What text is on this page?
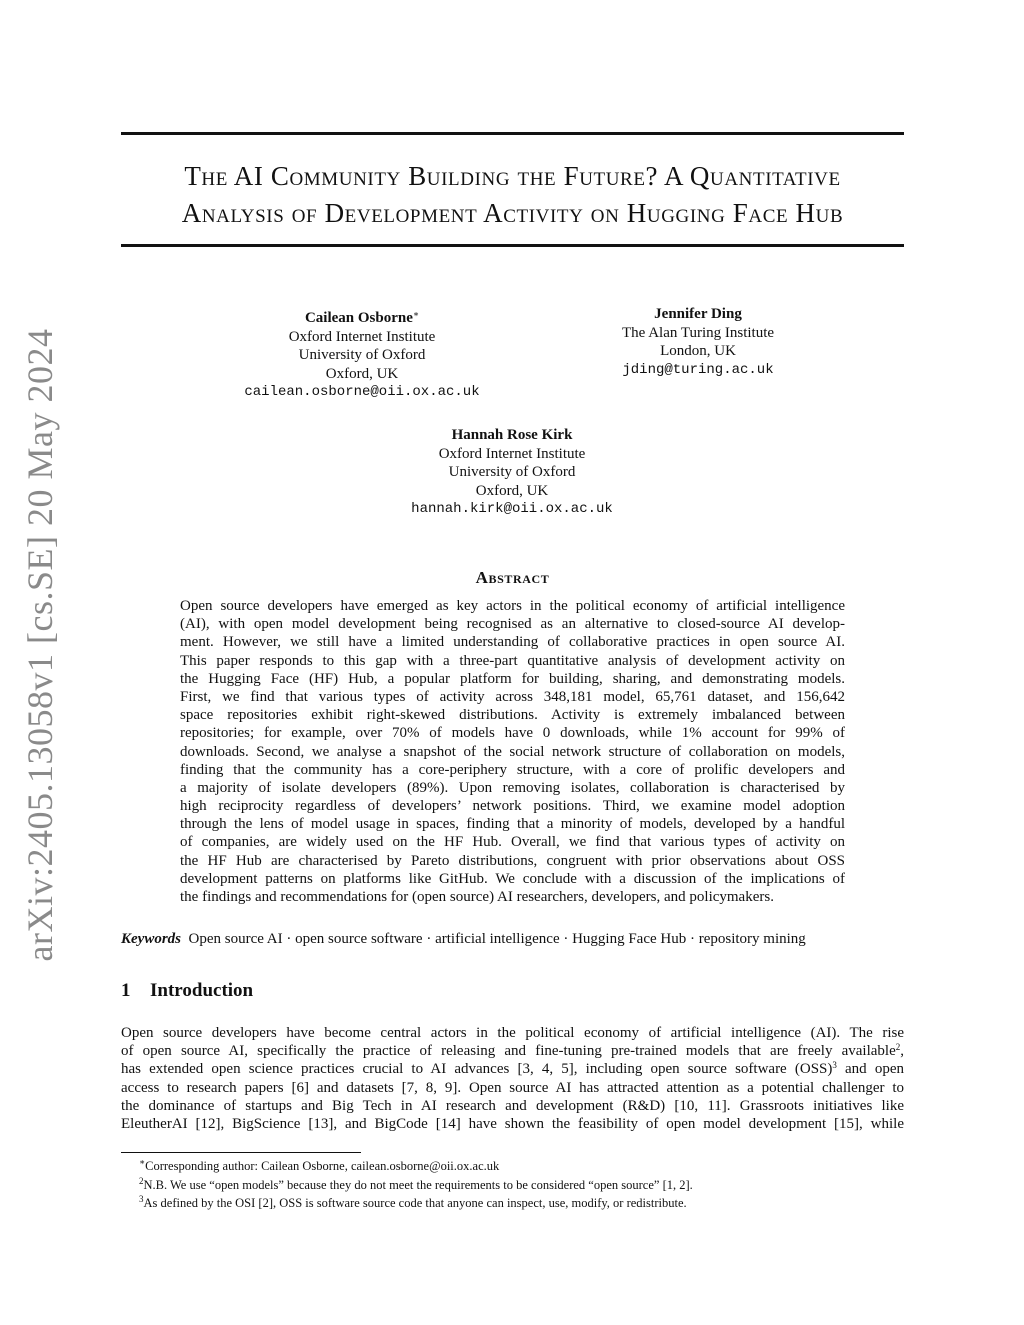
arXiv:2405.13058v1 [cs.SE] 20 May 2024
The AI Community Building the Future? A Quantitative
Analysis of Development Activity on Hugging Face Hub
Cailean Osborne∗
Oxford Internet Institute
University of Oxford
Oxford, UK
cailean.osborne@oii.ox.ac.uk
Jennifer Ding
The Alan Turing Institute
London, UK
jding@turing.ac.uk
Hannah Rose Kirk
Oxford Internet Institute
University of Oxford
Oxford, UK
hannah.kirk@oii.ox.ac.uk
Abstract
Open source developers have emerged as key actors in the political economy of artificial intelligence
(AI), with open model development being recognised as an alternative to closed-source AI develop-
ment. However, we still have a limited understanding of collaborative practices in open source AI.
This paper responds to this gap with a three-part quantitative analysis of development activity on
the Hugging Face (HF) Hub, a popular platform for building, sharing, and demonstrating models.
First, we find that various types of activity across 348,181 model, 65,761 dataset, and 156,642
space repositories exhibit right-skewed distributions. Activity is extremely imbalanced between
repositories; for example, over 70% of models have 0 downloads, while 1% account for 99% of
downloads. Second, we analyse a snapshot of the social network structure of collaboration on models,
finding that the community has a core-periphery structure, with a core of prolific developers and
a majority of isolate developers (89%). Upon removing isolates, collaboration is characterised by
high reciprocity regardless of developers’ network positions. Third, we examine model adoption
through the lens of model usage in spaces, finding that a minority of models, developed by a handful
of companies, are widely used on the HF Hub. Overall, we find that various types of activity on
the HF Hub are characterised by Pareto distributions, congruent with prior observations about OSS
development patterns on platforms like GitHub. We conclude with a discussion of the implications of
the findings and recommendations for (open source) AI researchers, developers, and policymakers.
Keywords Open source AI · open source software · artificial intelligence · Hugging Face Hub · repository mining
1 Introduction
Open source developers have become central actors in the political economy of artificial intelligence (AI). The rise
of open source AI, specifically the practice of releasing and fine-tuning pre-trained models that are freely available$^2$,
has extended open science practices crucial to AI advances [3, 4, 5], including open source software (OSS)$^3$ and open
access to research papers [6] and datasets [7, 8, 9]. Open source AI has attracted attention as a potential challenger to
the dominance of startups and Big Tech in AI research and development (R&D) [10, 11]. Grassroots initiatives like
EleutherAI [12], BigScience [13], and BigCode [14] have shown the feasibility of open model development [15], while
∗Corresponding author: Cailean Osborne, cailean.osborne@oii.ox.ac.uk
$^2$N.B. We use “open models” because they do not meet the requirements to be considered “open source” [1, 2].
$^3$As defined by the OSI [2], OSS is software source code that anyone can inspect, use, modify, or redistribute.
